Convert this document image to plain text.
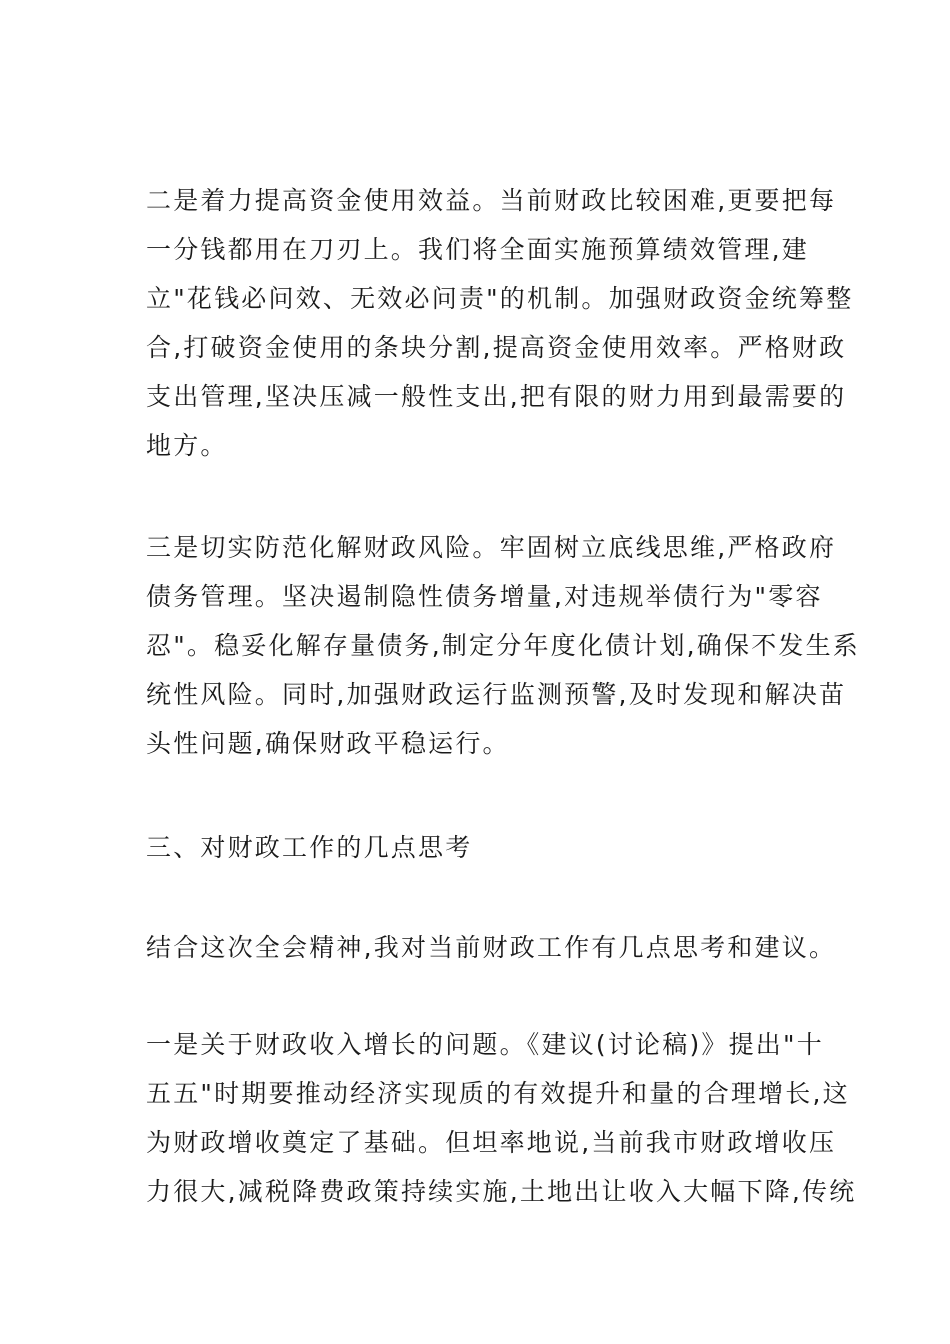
二是着力提高资金使用效益。当前财政比较困难,更要把每
一分钱都用在刀刃上。我们将全面实施预算绩效管理,建
立"花钱必问效、无效必问责"的机制。加强财政资金统筹整
合,打破资金使用的条块分割,提高资金使用效率。严格财政
支出管理,坚决压减一般性支出,把有限的财力用到最需要的
地方。
三是切实防范化解财政风险。牢固树立底线思维,严格政府
债务管理。坚决遏制隐性债务增量,对违规举债行为"零容
忍"。稳妥化解存量债务,制定分年度化债计划,确保不发生系
统性风险。同时,加强财政运行监测预警,及时发现和解决苗
头性问题,确保财政平稳运行。
三、对财政工作的几点思考
结合这次全会精神,我对当前财政工作有几点思考和建议。
一是关于财政收入增长的问题。《建议(讨论稿)》提出"十
五五"时期要推动经济实现质的有效提升和量的合理增长,这
为财政增收奠定了基础。但坦率地说,当前我市财政增收压
力很大,减税降费政策持续实施,土地出让收入大幅下降,传统
